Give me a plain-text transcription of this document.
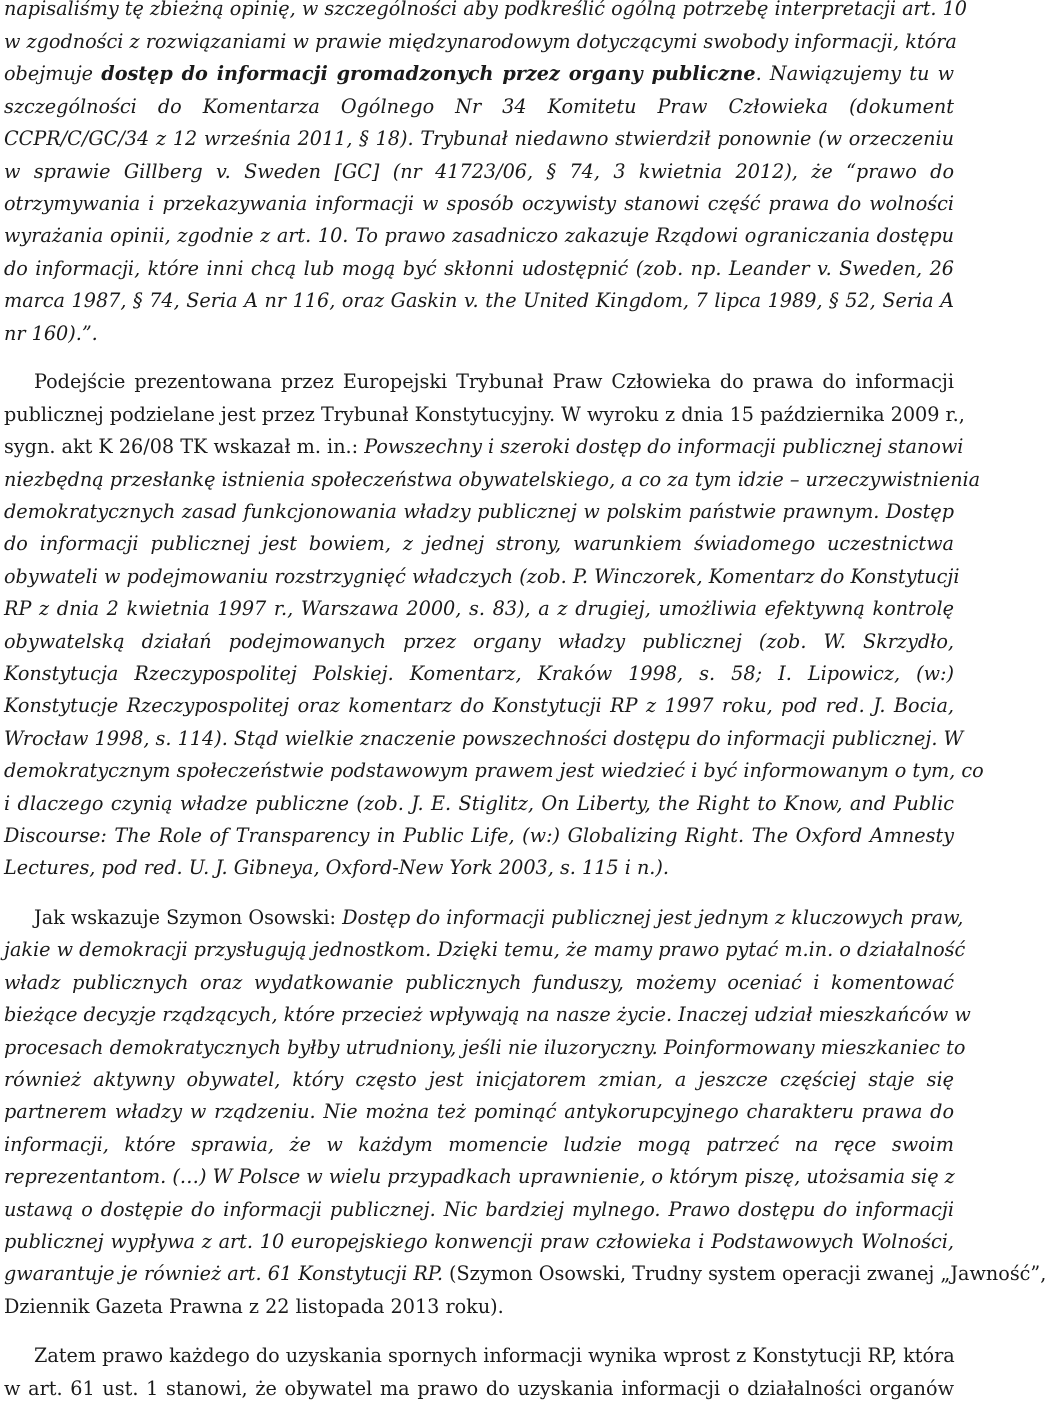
napisaliśmy tę zbieżną opinię, w szczególności aby podkreślić ogólną potrzebę interpretacji art. 10
w zgodności z rozwiązaniami w prawie międzynarodowym dotyczącymi swobody informacji, która
obejmuje dostęp do informacji gromadzonych przez organy publiczne. Nawiązujemy tu w
szczególności do Komentarza Ogólnego Nr 34 Komitetu Praw Człowieka (dokument
CCPR/C/GC/34 z 12 września 2011, § 18). Trybunał niedawno stwierdził ponownie (w orzeczeniu
w sprawie Gillberg v. Sweden [GC] (nr 41723/06, § 74, 3 kwietnia 2012), że “prawo do
otrzymywania i przekazywania informacji w sposób oczywisty stanowi część prawa do wolności
wyrażania opinii, zgodnie z art. 10. To prawo zasadniczo zakazuje Rządowi ograniczania dostępu
do informacji, które inni chcą lub mogą być skłonni udostępnić (zob. np. Leander v. Sweden, 26
marca 1987, § 74, Seria A nr 116, oraz Gaskin v. the United Kingdom, 7 lipca 1989, § 52, Seria A
nr 160).”.
Podejście prezentowana przez Europejski Trybunał Praw Człowieka do prawa do informacji
publicznej podzielane jest przez Trybunał Konstytucyjny. W wyroku z dnia 15 października 2009 r.,
sygn. akt K 26/08 TK wskazał m. in.: Powszechny i szeroki dostęp do informacji publicznej stanowi
niezbędną przesłankę istnienia społeczeństwa obywatelskiego, a co za tym idzie – urzeczywistnienia
demokratycznych zasad funkcjonowania władzy publicznej w polskim państwie prawnym. Dostęp
do informacji publicznej jest bowiem, z jednej strony, warunkiem świadomego uczestnictwa
obywateli w podejmowaniu rozstrzygnięć władczych (zob. P. Winczorek, Komentarz do Konstytucji
RP z dnia 2 kwietnia 1997 r., Warszawa 2000, s. 83), a z drugiej, umożliwia efektywną kontrolę
obywatelską działań podejmowanych przez organy władzy publicznej (zob. W. Skrzydło,
Konstytucja Rzeczypospolitej Polskiej. Komentarz, Kraków 1998, s. 58; I. Lipowicz, (w:)
Konstytucje Rzeczypospolitej oraz komentarz do Konstytucji RP z 1997 roku, pod red. J. Bocia,
Wrocław 1998, s. 114). Stąd wielkie znaczenie powszechności dostępu do informacji publicznej. W
demokratycznym społeczeństwie podstawowym prawem jest wiedzieć i być informowanym o tym, co
i dlaczego czynią władze publiczne (zob. J. E. Stiglitz, On Liberty, the Right to Know, and Public
Discourse: The Role of Transparency in Public Life, (w:) Globalizing Right. The Oxford Amnesty
Lectures, pod red. U. J. Gibneya, Oxford-New York 2003, s. 115 i n.).
Jak wskazuje Szymon Osowski: Dostęp do informacji publicznej jest jednym z kluczowych praw,
jakie w demokracji przysługują jednostkom. Dzięki temu, że mamy prawo pytać m.in. o działalność
władz publicznych oraz wydatkowanie publicznych funduszy, możemy oceniać i komentować
bieżące decyzje rządzących, które przecież wpływają na nasze życie. Inaczej udział mieszkańców w
procesach demokratycznych byłby utrudniony, jeśli nie iluzoryczny. Poinformowany mieszkaniec to
również aktywny obywatel, który często jest inicjatorem zmian, a jeszcze częściej staje się
partnerem władzy w rządzeniu. Nie można też pominąć antykorupcyjnego charakteru prawa do
informacji, które sprawia, że w każdym momencie ludzie mogą patrzeć na ręce swoim
reprezentantom. (…) W Polsce w wielu przypadkach uprawnienie, o którym piszę, utożsamia się z
ustawą o dostępie do informacji publicznej. Nic bardziej mylnego. Prawo dostępu do informacji
publicznej wypływa z art. 10 europejskiego konwencji praw człowieka i Podstawowych Wolności,
gwarantuje je również art. 61 Konstytucji RP. (Szymon Osowski, Trudny system operacji zwanej „Jawność”,
Dziennik Gazeta Prawna z 22 listopada 2013 roku).
Zatem prawo każdego do uzyskania spornych informacji wynika wprost z Konstytucji RP, która
w art. 61 ust. 1 stanowi, że obywatel ma prawo do uzyskania informacji o działalności organów
